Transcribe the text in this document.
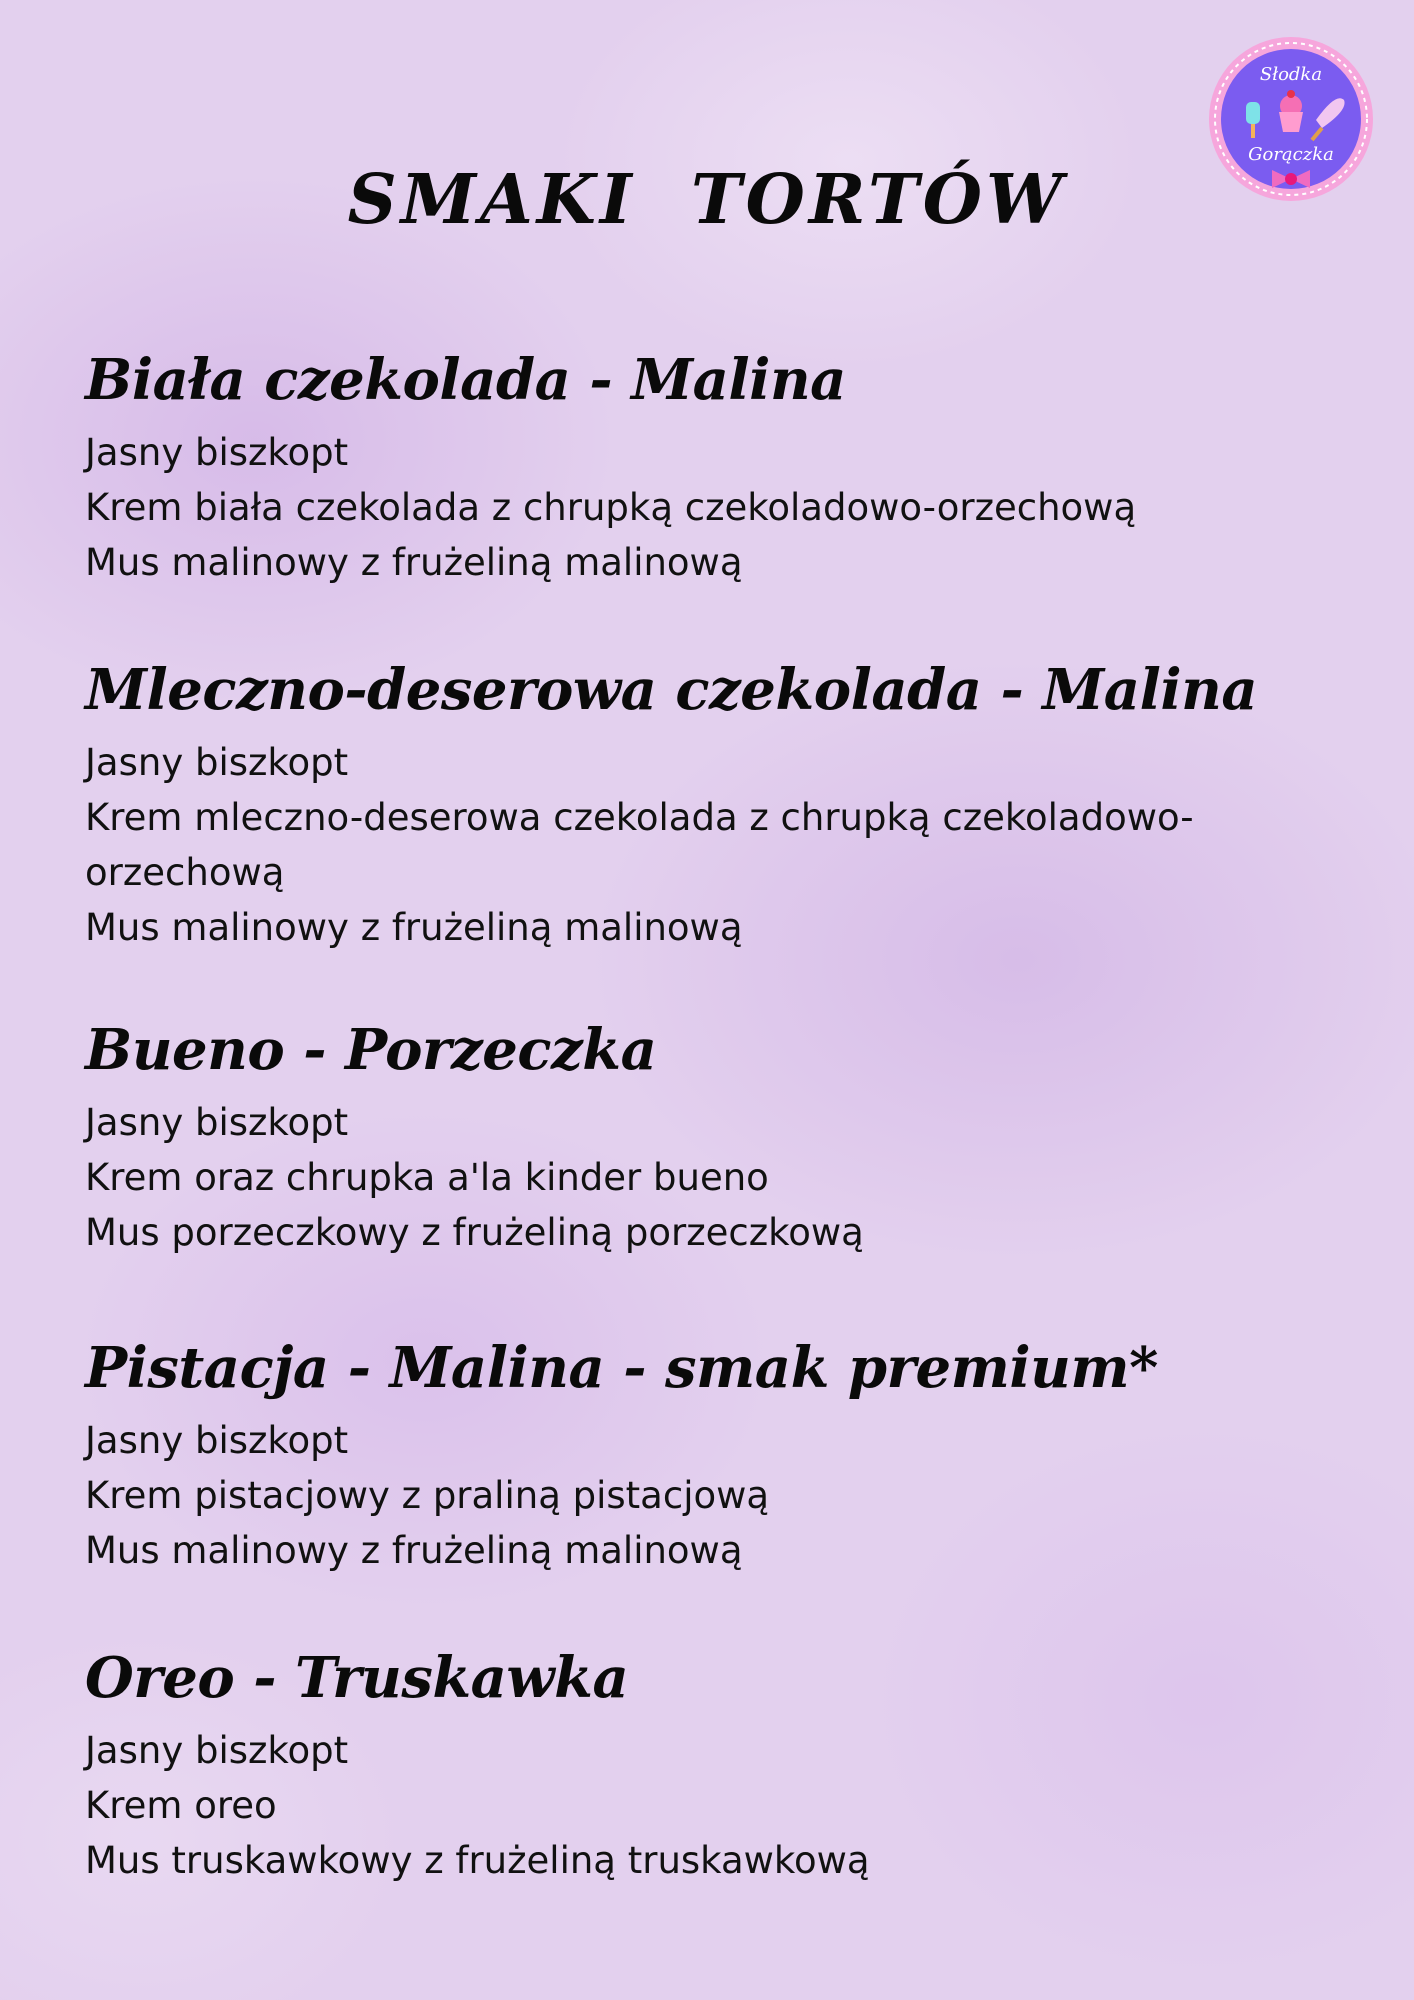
Słodka
Gorączka
SMAKI  TORTÓW
Biała czekolada - Malina

Jasny biszkopt

Krem biała czekolada z chrupką czekoladowo-orzechową

Mus malinowy z frużeliną malinową

Mleczno-deserowa czekolada - Malina

Jasny biszkopt

Krem mleczno-deserowa czekolada z chrupką czekoladowo-orzechową

Mus malinowy z frużeliną malinową

Bueno - Porzeczka

Jasny biszkopt

Krem oraz chrupka a'la kinder bueno

Mus porzeczkowy z frużeliną porzeczkową

Pistacja - Malina - smak premium*

Jasny biszkopt

Krem pistacjowy z praliną pistacjową

Mus malinowy z frużeliną malinową

Oreo - Truskawka

Jasny biszkopt

Krem oreo

Mus truskawkowy z frużeliną truskawkową
